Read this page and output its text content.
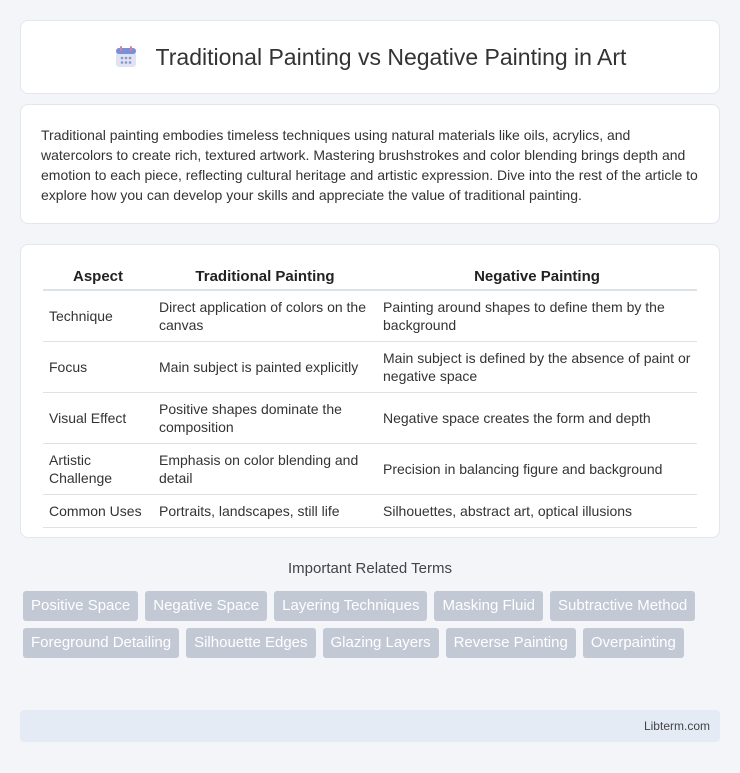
Traditional Painting vs Negative Painting in Art

Traditional painting embodies timeless techniques using natural materials like oils, acrylics, and watercolors to create rich, textured artwork. Mastering brushstrokes and color blending brings depth and emotion to each piece, reflecting cultural heritage and artistic expression. Dive into the rest of the article to explore how you can develop your skills and appreciate the value of traditional painting.

Aspect	Traditional Painting	Negative Painting
Technique	Direct application of colors on the canvas	Painting around shapes to define them by the background
Focus	Main subject is painted explicitly	Main subject is defined by the absence of paint or negative space
Visual Effect	Positive shapes dominate the composition	Negative space creates the form and depth
Artistic Challenge	Emphasis on color blending and detail	Precision in balancing figure and background
Common Uses	Portraits, landscapes, still life	Silhouettes, abstract art, optical illusions
Important Related Terms
Positive Space	Negative Space	Layering Techniques	Masking Fluid	Subtractive Method
Foreground Detailing	Silhouette Edges	Glazing Layers	Reverse Painting	Overpainting
Libterm.com
